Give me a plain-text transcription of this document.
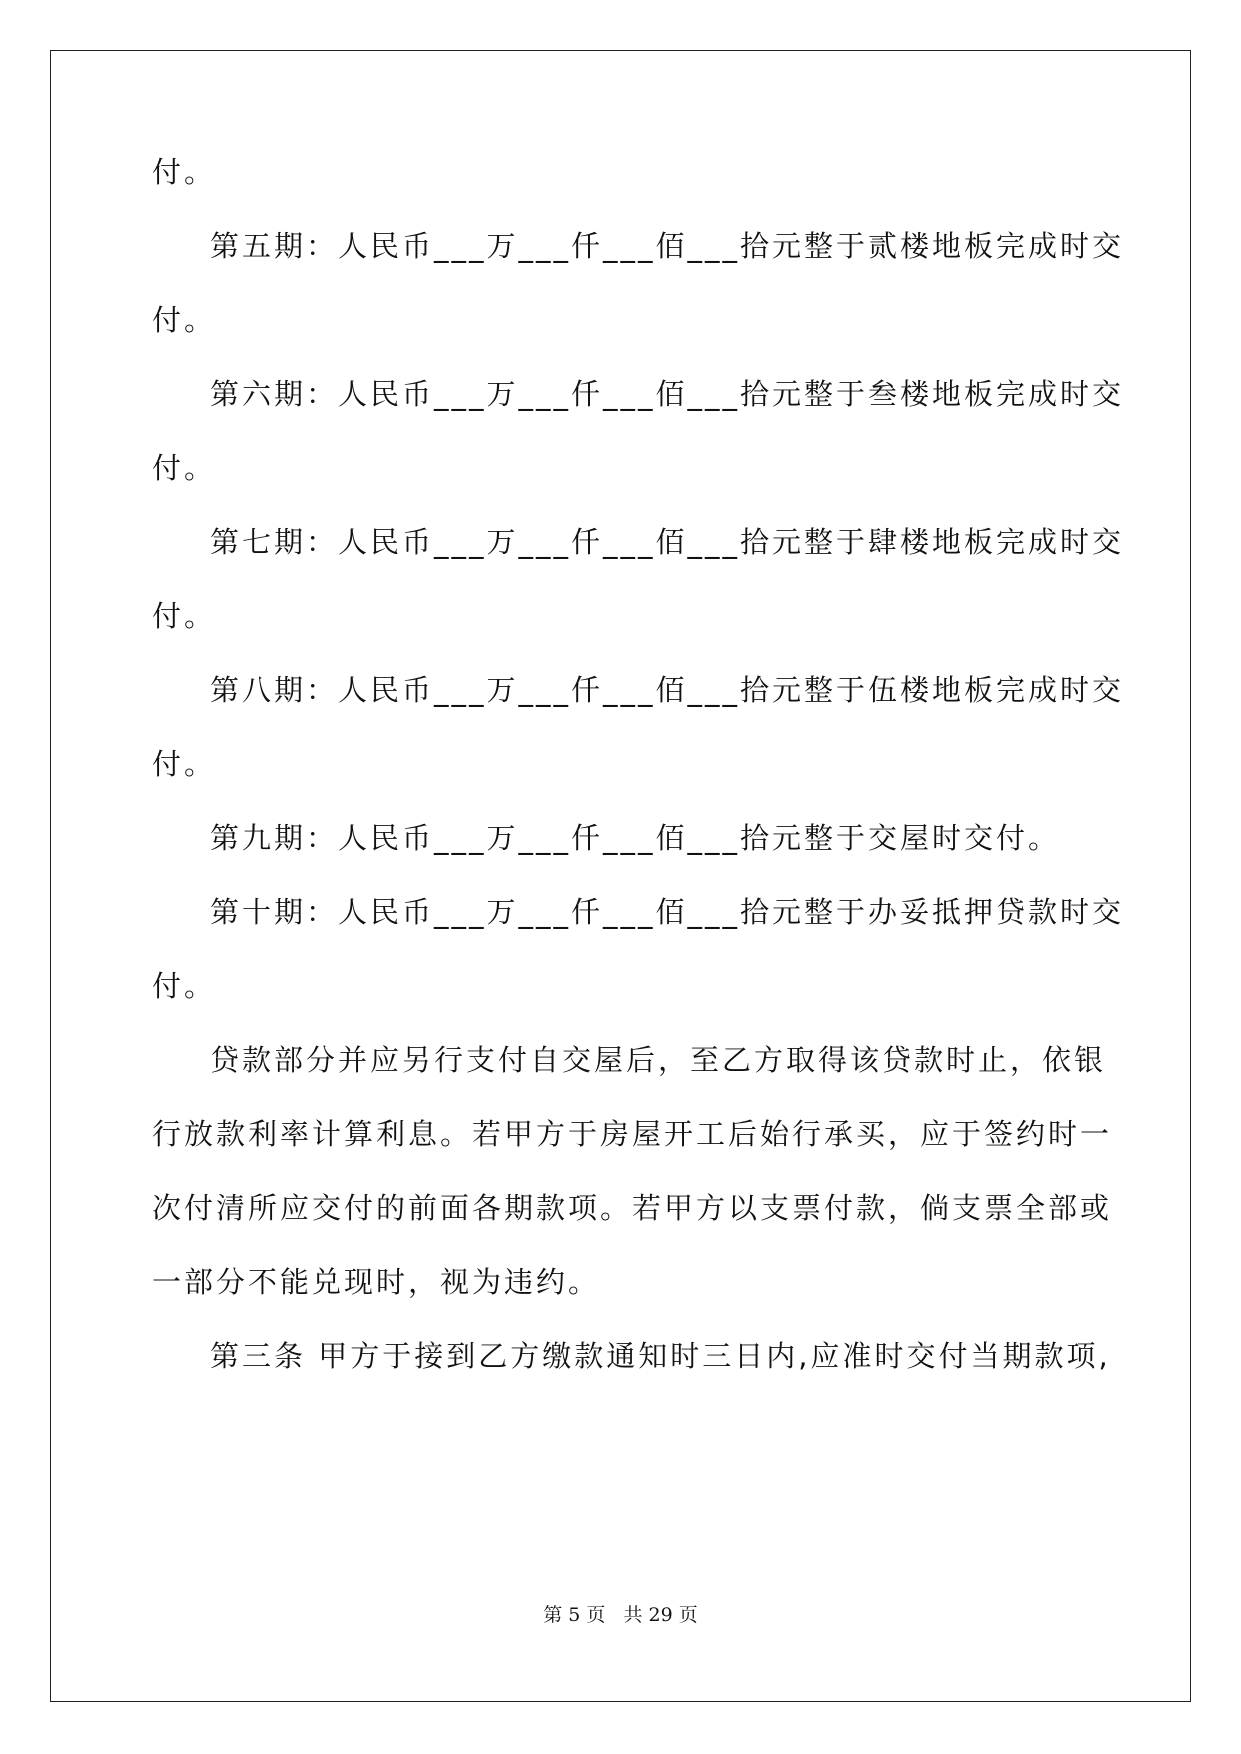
付。
第五期：人民币___万___仟___佰___拾元整于贰楼地板完成时交
付。
第六期：人民币___万___仟___佰___拾元整于叁楼地板完成时交
付。
第七期：人民币___万___仟___佰___拾元整于肆楼地板完成时交
付。
第八期：人民币___万___仟___佰___拾元整于伍楼地板完成时交
付。
第九期：人民币___万___仟___佰___拾元整于交屋时交付。
第十期：人民币___万___仟___佰___拾元整于办妥抵押贷款时交
付。
贷款部分并应另行支付自交屋后，至乙方取得该贷款时止，依银
行放款利率计算利息。若甲方于房屋开工后始行承买，应于签约时一
次付清所应交付的前面各期款项。若甲方以支票付款，倘支票全部或
一部分不能兑现时，视为违约。
第三条 甲方于接到乙方缴款通知时三日内,应准时交付当期款项,
第 5 页   共 29 页
